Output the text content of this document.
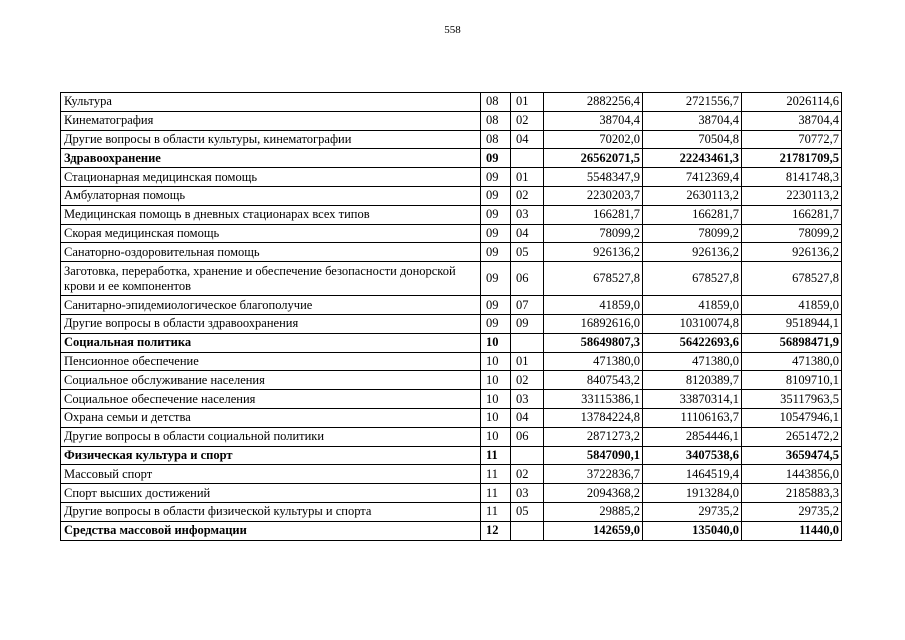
558
Культура	08	01	2882256,4	2721556,7	2026114,6
Кинематография	08	02	38704,4	38704,4	38704,4
Другие вопросы в области культуры, кинематографии	08	04	70202,0	70504,8	70772,7
Здравоохранение	09		26562071,5	22243461,3	21781709,5
Стационарная медицинская помощь	09	01	5548347,9	7412369,4	8141748,3
Амбулаторная помощь	09	02	2230203,7	2630113,2	2230113,2
Медицинская помощь в дневных стационарах всех типов	09	03	166281,7	166281,7	166281,7
Скорая медицинская помощь	09	04	78099,2	78099,2	78099,2
Санаторно-оздоровительная помощь	09	05	926136,2	926136,2	926136,2
Заготовка, переработка, хранение и обеспечение безопасности донорской крови и ее компонентов	09	06	678527,8	678527,8	678527,8
Санитарно-эпидемиологическое благополучие	09	07	41859,0	41859,0	41859,0
Другие вопросы в области здравоохранения	09	09	16892616,0	10310074,8	9518944,1
Социальная политика	10		58649807,3	56422693,6	56898471,9
Пенсионное обеспечение	10	01	471380,0	471380,0	471380,0
Социальное обслуживание населения	10	02	8407543,2	8120389,7	8109710,1
Социальное обеспечение населения	10	03	33115386,1	33870314,1	35117963,5
Охрана семьи и детства	10	04	13784224,8	11106163,7	10547946,1
Другие вопросы в области социальной политики	10	06	2871273,2	2854446,1	2651472,2
Физическая культура и спорт	11		5847090,1	3407538,6	3659474,5
Массовый спорт	11	02	3722836,7	1464519,4	1443856,0
Спорт высших достижений	11	03	2094368,2	1913284,0	2185883,3
Другие вопросы в области физической культуры и спорта	11	05	29885,2	29735,2	29735,2
Средства массовой информации	12		142659,0	135040,0	11440,0
